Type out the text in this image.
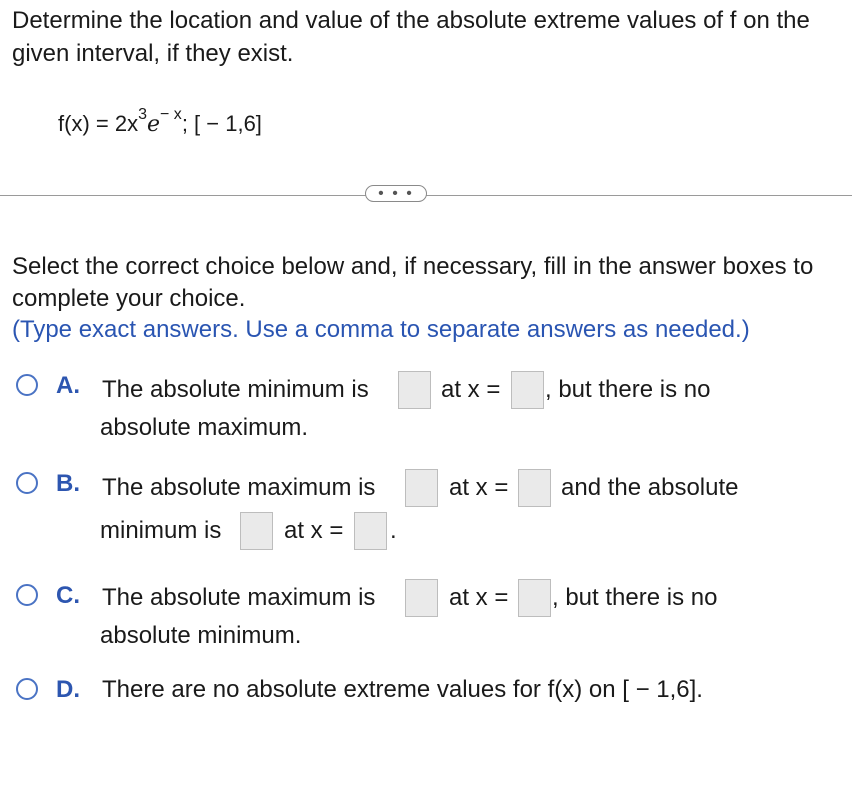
Determine the location and value of the absolute extreme values of f on the given interval, if they exist.
$f(x) = 2x^3e^{- x}$; [ − 1,6]
• • •
Select the correct choice below and, if necessary, fill in the answer boxes to complete your choice.
(Type exact answers. Use a comma to separate answers as needed.)
A. The absolute minimum is	at x = , but there is no
absolute maximum.
B. The absolute maximum is	at x = and the absolute
minimum is	at x = .
C. The absolute maximum is	at x = , but there is no
absolute minimum.
D. There are no absolute extreme values for f(x) on [ − 1,6].
